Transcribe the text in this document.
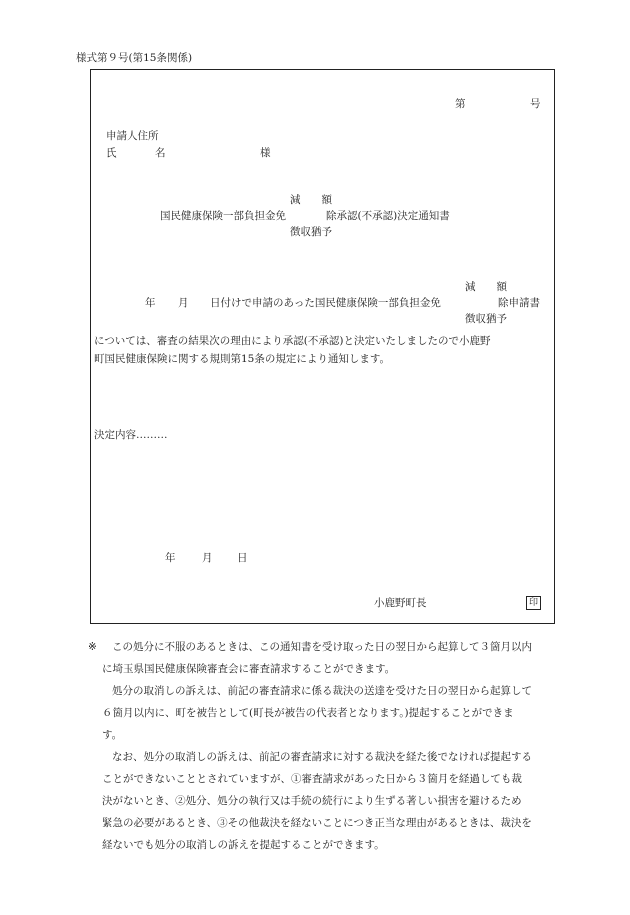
様式第９号(第15条関係)
第	号
申請人住所
氏	名	様
減　　額
国民健康保険一部負担金免	除承認(不承認)決定通知書
徴収猶予
減　　額
年 月 日付けで申請のあった国民健康保険一部負担金免	除申請書
徴収猶予
については、審査の結果次の理由により承認(不承認)と決定いたしましたので小鹿野
町国民健康保険に関する規則第15条の規定により通知します。
決定内容………
年	月 日
小鹿野町長	印
※	この処分に不服のあるときは、この通知書を受け取った日の翌日から起算して３箇月以内に埼玉県国民健康保険審査会に審査請求することができます。
処分の取消しの訴えは、前記の審査請求に係る裁決の送達を受けた日の翌日から起算して６箇月以内に、町を被告として(町長が被告の代表者となります。)提起することができます。
なお、処分の取消しの訴えは、前記の審査請求に対する裁決を経た後でなければ提起することができないこととされていますが、①審査請求があった日から３箇月を経過しても裁決がないとき、②処分、処分の執行又は手続の続行により生ずる著しい損害を避けるため緊急の必要があるとき、③その他裁決を経ないことにつき正当な理由があるときは、裁決を経ないでも処分の取消しの訴えを提起することができます。
